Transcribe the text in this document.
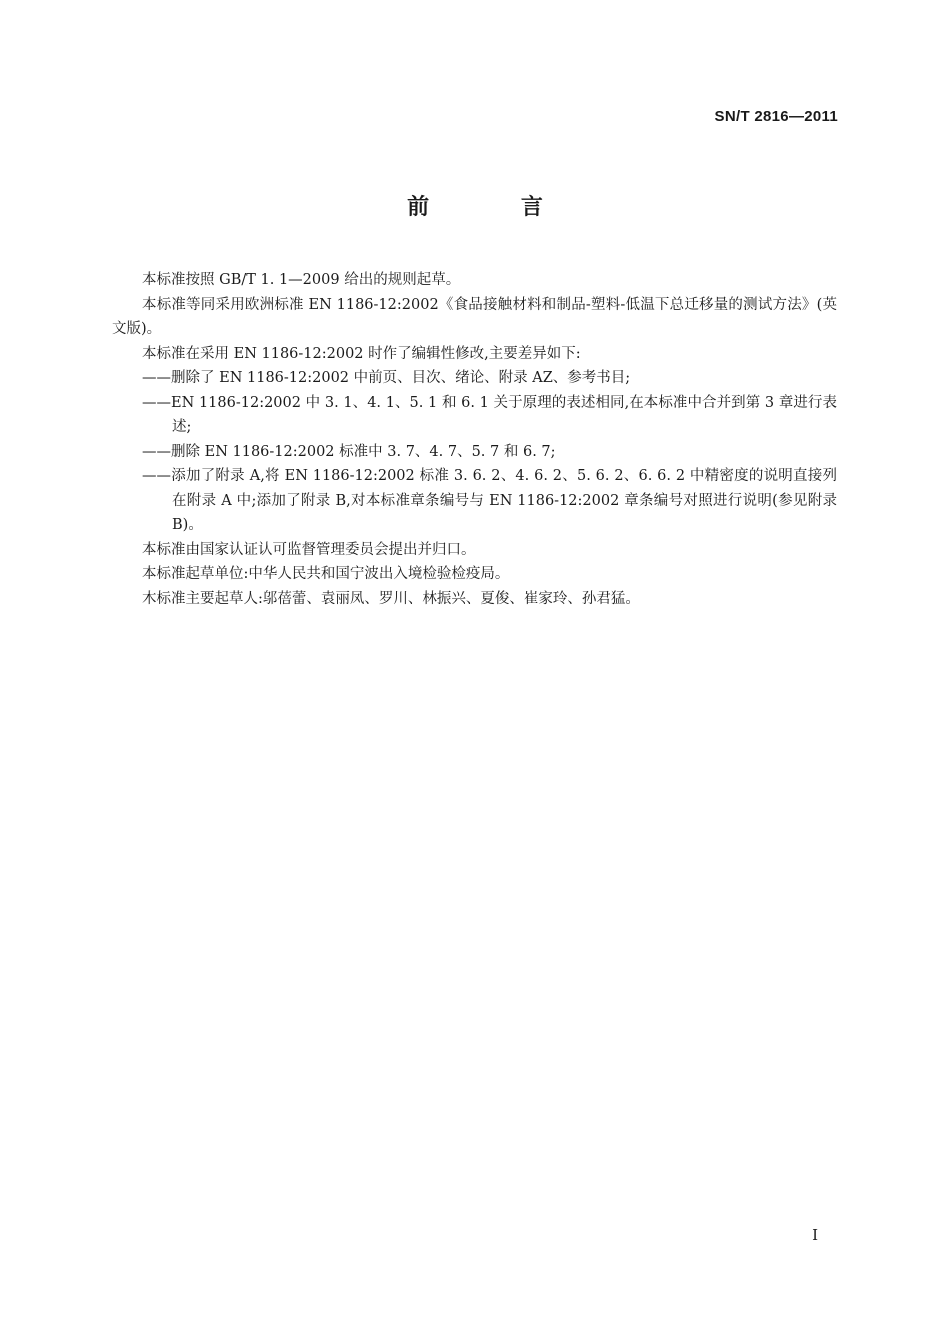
SN/T 2816—2011
前 言

本标准按照 GB/T 1. 1—2009 给出的规则起草。

本标准等同采用欧洲标准 EN 1186-12:2002《食品接触材料和制品-塑料-低温下总迁移量的测试方法》(英文版)。

本标准在采用 EN 1186-12:2002 时作了编辑性修改,主要差异如下:

——删除了 EN 1186-12:2002 中前页、目次、绪论、附录 AZ、参考书目;

——EN 1186-12:2002 中 3. 1、4. 1、5. 1 和 6. 1 关于原理的表述相同,在本标准中合并到第 3 章进行表述;

——删除 EN 1186-12:2002 标准中 3. 7、4. 7、5. 7 和 6. 7;

——添加了附录 A,将 EN 1186-12:2002 标准 3. 6. 2、4. 6. 2、5. 6. 2、6. 6. 2 中精密度的说明直接列在附录 A 中;添加了附录 B,对本标准章条编号与 EN 1186-12:2002 章条编号对照进行说明(参见附录 B)。

本标准由国家认证认可监督管理委员会提出并归口。

本标准起草单位:中华人民共和国宁波出入境检验检疫局。

木标准主要起草人:邬蓓蕾、袁丽凤、罗川、林振兴、夏俊、崔家玲、孙君猛。

I
